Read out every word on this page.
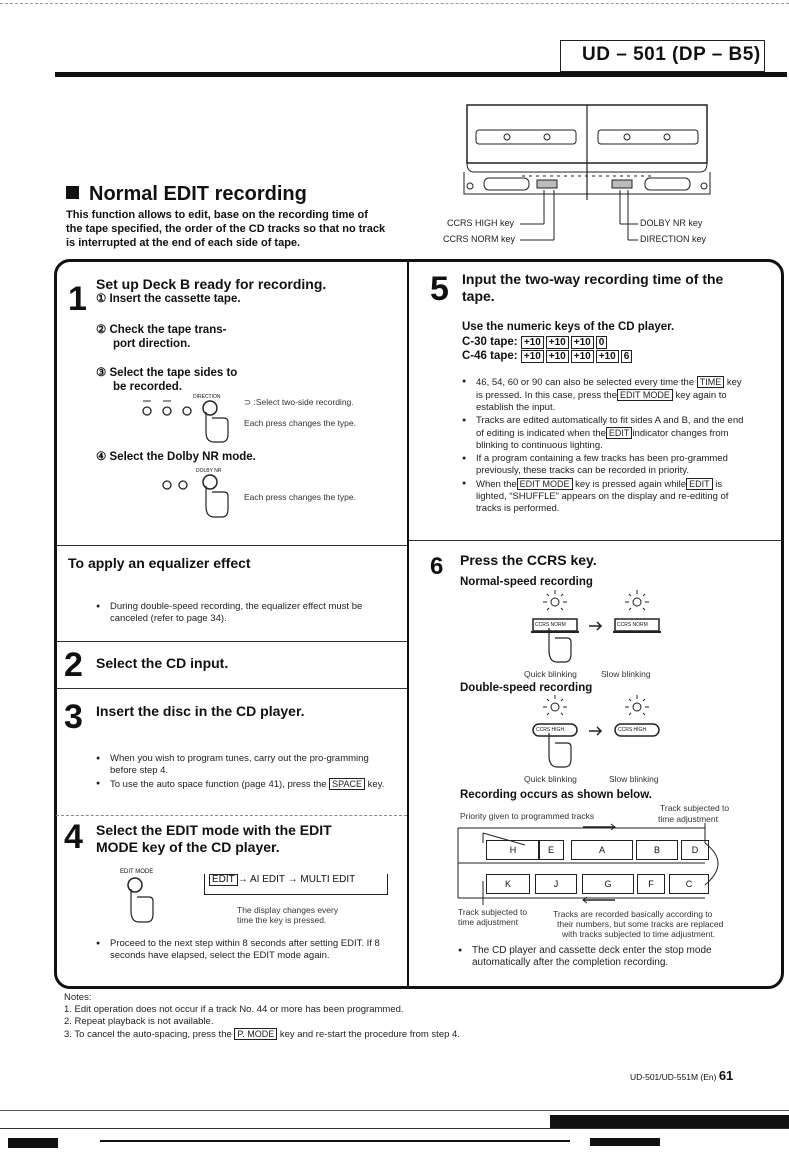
UD – 501 (DP – B5)
CCRS HIGH key
CCRS NORM key
DOLBY NR key
DIRECTION key
Normal EDIT recording
This function allows to edit, base on the recording time of the tape specified, the order of the CD tracks so that no track is interrupted at the end of each side of tape.
1 Set up Deck B ready for recording.
① Insert the cassette tape.
② Check the tape trans-
port direction.
③ Select the tape sides to
be recorded.
DIRECTION	⊃ :Select two-side recording.
Each press changes the type.
④ Select the Dolby NR mode.
DOLBY NR
Each press changes the type.
To apply an equalizer effect
● During double-speed recording, the equalizer effect must be canceled (refer to page 34).
2 Select the CD input.
3 Insert the disc in the CD player.
● When you wish to program tunes, carry out the pro-gramming before step 4.
● To use the auto space function (page 41), press the SPACE key.
4 Select the EDIT mode with the EDIT
MODE key of the CD player.
EDIT MODE
EDIT → AI EDIT → MULTI EDIT
The display changes every
time the key is pressed.
● Proceed to the next step within 8 seconds after setting EDIT. If 8 seconds have elapsed, select the EDIT mode again.
5 Input the two-way recording time of the
tape.
Use the numeric keys of the CD player.
C-30 tape: +10 +10 +10 0
C-46 tape: +10 +10 +10 +10 6
● 46, 54, 60 or 90 can also be selected every time the TIME key is pressed. In this case, press the EDIT MODE key again to establish the input.
● Tracks are edited automatically to fit sides A and B, and the end of editing is indicated when the EDIT indicator changes from blinking to continuous lighting.
● If a program containing a few tracks has been pro-grammed previously, these tracks can be recorded in priority.
● When the EDIT MODE key is pressed again while EDIT is lighted, “SHUFFLE” appears on the display and re-editing of tracks is performed.
6 Press the CCRS key.
Normal-speed recording
CCRS NORM	CCRS NORM
Quick blinking	Slow blinking
Double-speed recording
CCRS HIGH	CCRS HIGH
Quick blinking	Slow blinking
Recording occurs as shown below.
Priority given to programmed tracks
Track subjected to
time adjustment
H	E	A	B	D
K	J	G	F	C
Track subjected to
time adjustment
Tracks are recorded basically according to
their numbers, but some tracks are replaced
with tracks subjected to time adjustment.
● The CD player and cassette deck enter the stop mode automatically after the completion recording.
Notes:
1. Edit operation does not occur if a track No. 44 or more has been programmed.
2. Repeat playback is not available.
3. To cancel the auto-spacing, press the P. MODE key and re-start the procedure from step 4.
UD-501/UD-551M (En) 61
